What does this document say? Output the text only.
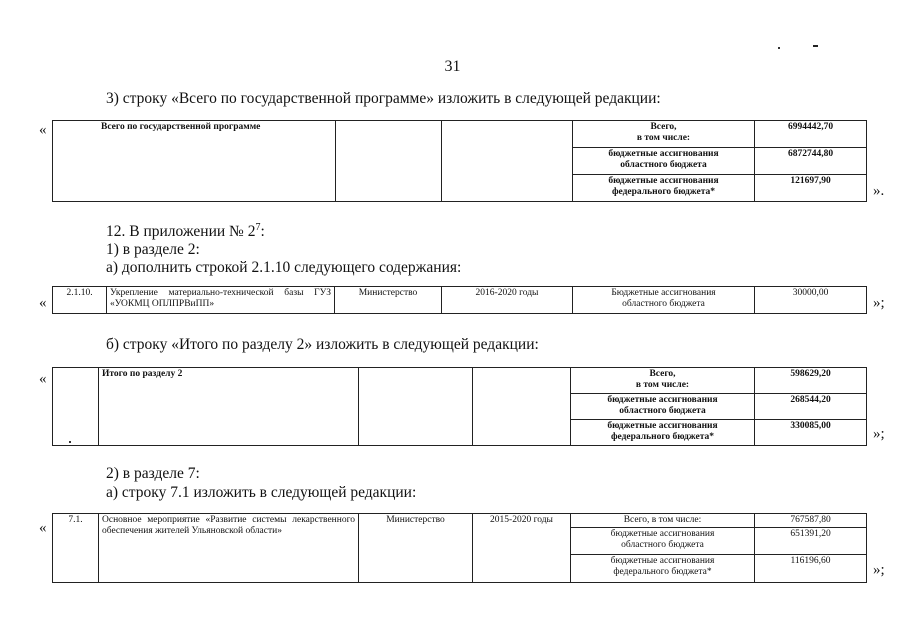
31
3) строку «Всего по государственной программе» изложить в следующей редакции:
«	Всего по государственной программе			Всего,
в том числе:	6994442,70
			бюджетные ассигнования
областного бюджета	6872744,80
			бюджетные ассигнования
федерального бюджета*	121697,90
».
12. В приложении № $2^7$:
1) в разделе 2:
а) дополнить строкой 2.1.10 следующего содержания:
«
2.1.10.	Укрепление материально-технической базы ГУЗ «УОКМЦ ОПЛПРВиПП»	Министерство	2016-2020 годы	Бюджетные ассигнования
областного бюджета	30000,00
»;
б) строку «Итого по разделу 2» изложить в следующей редакции:
«
		Итого по разделу 2			Всего,
в том числе:	598629,20
				бюджетные ассигнования
областного бюджета	268544,20
				бюджетные ассигнования
федерального бюджета*	330085,00	»;
2) в разделе 7:
а) строку 7.1 изложить в следующей редакции:
« 7.1.	Основное мероприятие «Развитие системы лекарственного обеспечения жителей Ульяновской области»	Министерство	2015-2020 годы	Всего, в том числе:	767587,80
				бюджетные ассигнования
областного бюджета	651391,20
				бюджетные ассигнования
федерального бюджета*	116196,60
»;
